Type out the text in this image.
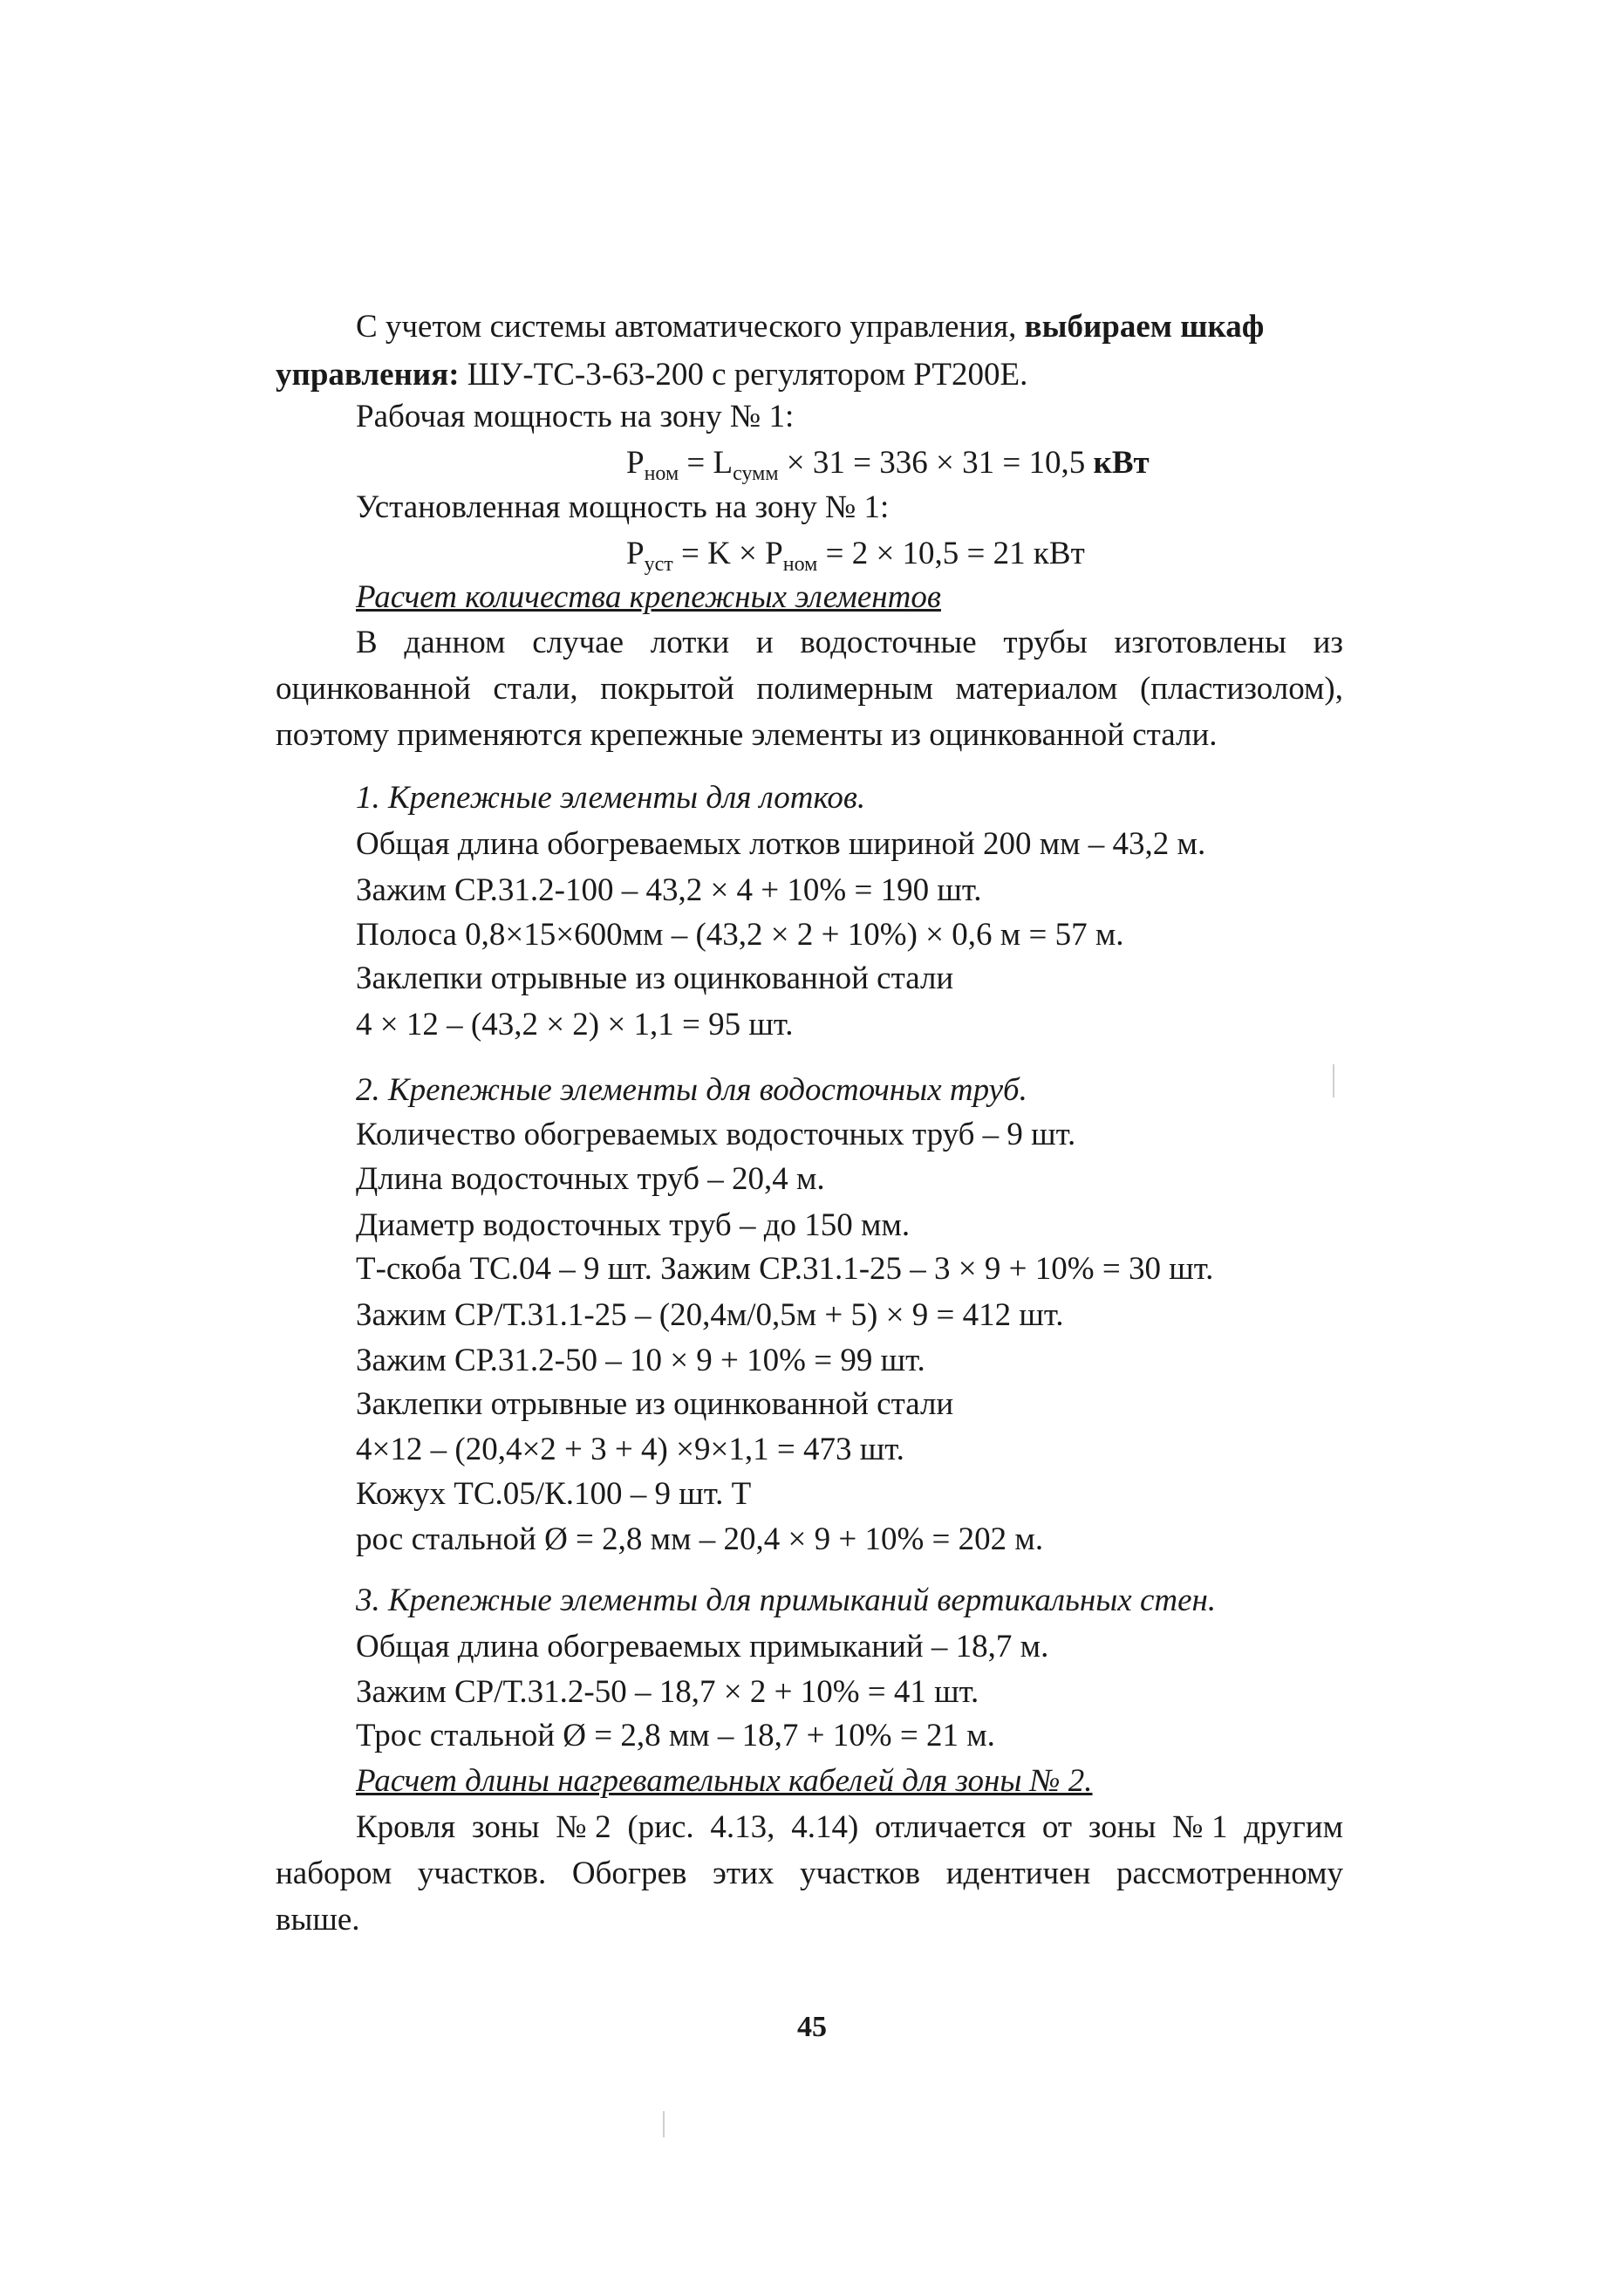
С учетом системы автоматического управления, выбираем шкаф
управления: ШУ-ТС-3-63-200 с регулятором РТ200Е.
Рабочая мощность на зону № 1:
$P_{ном} = L_{сумм} \times 31 = 336 \times 31 = 10,5$ кВт
Установленная мощность на зону № 1:
$P_{уст} = K \times P_{ном} = 2 \times 10,5 = 21$ кВт
Расчет количества крепежных элементов
В данном случае лотки и водосточные трубы изготовлены из
оцинкованной стали, покрытой полимерным материалом (пластизолом),
поэтому применяются крепежные элементы из оцинкованной стали.
1. Крепежные элементы для лотков.
Общая длина обогреваемых лотков шириной 200 мм – 43,2 м.
Зажим СР.31.2-100 – 43,2 × 4 + 10% = 190 шт.
Полоса 0,8×15×600мм – (43,2 × 2 + 10%) × 0,6 м = 57 м.
Заклепки отрывные из оцинкованной стали
4 × 12 – (43,2 × 2) × 1,1 = 95 шт.
2. Крепежные элементы для водосточных труб.
Количество обогреваемых водосточных труб – 9 шт.
Длина водосточных труб – 20,4 м.
Диаметр водосточных труб – до 150 мм.
Т-скоба ТС.04 – 9 шт. Зажим СР.31.1-25 – 3 × 9 + 10% = 30 шт.
Зажим СР/Т.31.1-25 – (20,4м/0,5м + 5) × 9 = 412 шт.
Зажим СР.31.2-50 – 10 × 9 + 10% = 99 шт.
Заклепки отрывные из оцинкованной стали
4×12 – (20,4×2 + 3 + 4) ×9×1,1 = 473 шт.
Кожух ТС.05/К.100 – 9 шт. Т
рос стальной Ø = 2,8 мм – 20,4 × 9 + 10% = 202 м.
3. Крепежные элементы для примыканий вертикальных стен.
Общая длина обогреваемых примыканий – 18,7 м.
Зажим СР/Т.31.2-50 – 18,7 × 2 + 10% = 41 шт.
Трос стальной Ø = 2,8 мм – 18,7 + 10% = 21 м.
Расчет длины нагревательных кабелей для зоны № 2.
Кровля зоны №2 (рис. 4.13, 4.14) отличается от зоны №1 другим
набором участков. Обогрев этих участков идентичен рассмотренному
выше.
45
